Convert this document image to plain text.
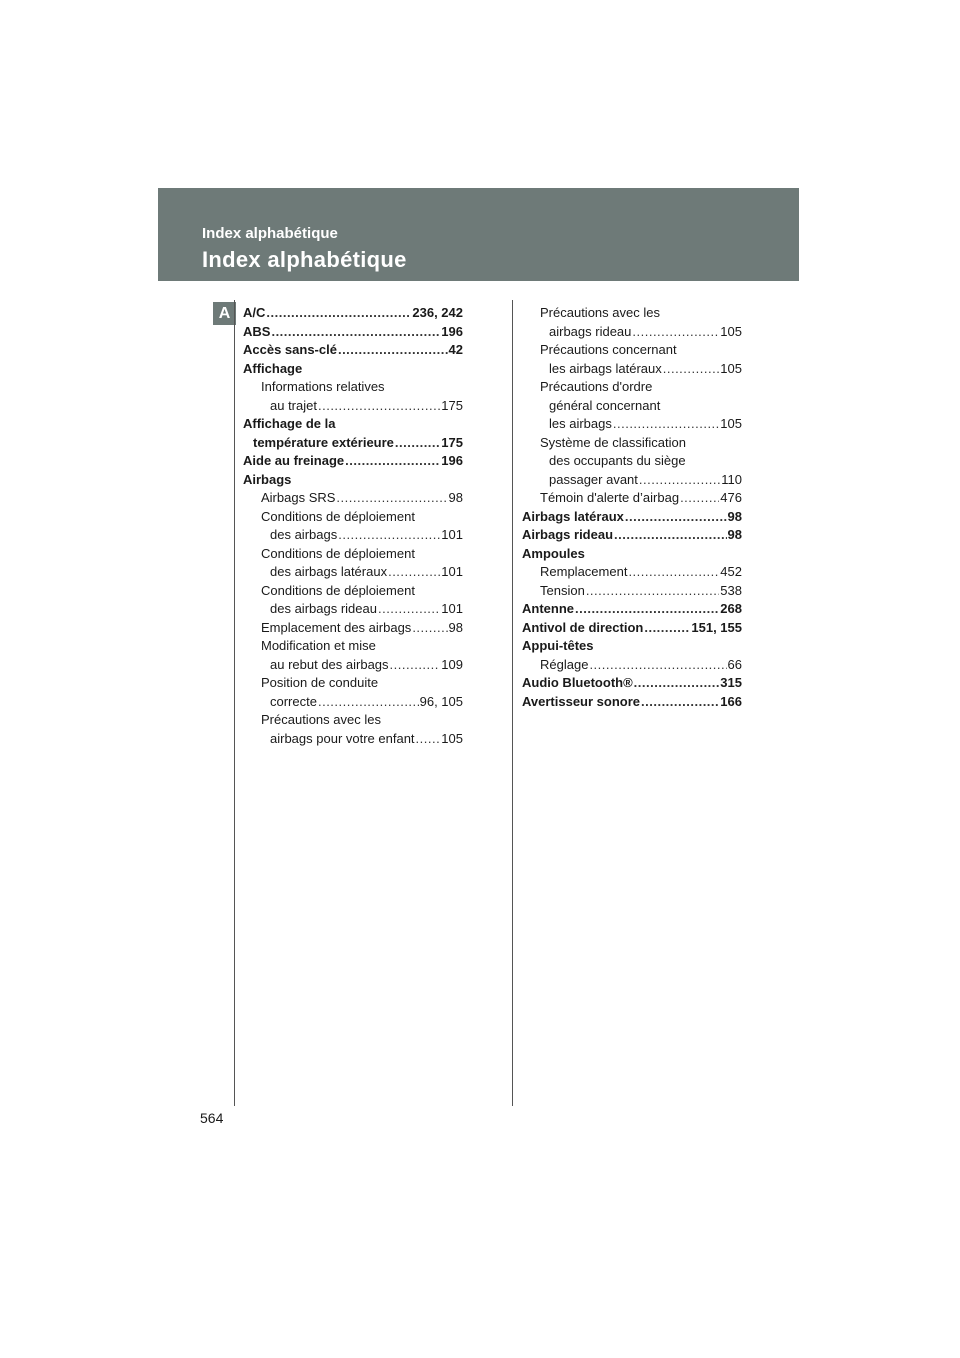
Index alphabétique
Index alphabétique
A A/C .....	236, 242
ABS .....	196
Accès sans-clé .....	42
Affichage
Informations relatives
au trajet .....	175
Affichage de la
température extérieure .....	175
Aide au freinage .....	196
Airbags
Airbags SRS .....	98
Conditions de déploiement
des airbags .....	101
Conditions de déploiement
des airbags latéraux .....	101
Conditions de déploiement
des airbags rideau .....	101
Emplacement des airbags .....	98
Modification et mise
au rebut des airbags .....	109
Position de conduite
correcte .....	96, 105
Précautions avec les
airbags pour votre enfant ..... 105
Précautions avec les
airbags rideau .....	105
Précautions concernant
les airbags latéraux .....	105
Précautions d'ordre
général concernant
les airbags .....	105
Système de classification
des occupants du siège
passager avant .....	110
Témoin d'alerte d’airbag .....	476
Airbags latéraux .....	98
Airbags rideau .....	98
Ampoules
Remplacement .....	452
Tension .....	538
Antenne .....	268
Antivol de direction .....	151, 155
Appui-têtes
Réglage .....	66
Audio Bluetooth® .....	315
Avertisseur sonore .....	166
564
